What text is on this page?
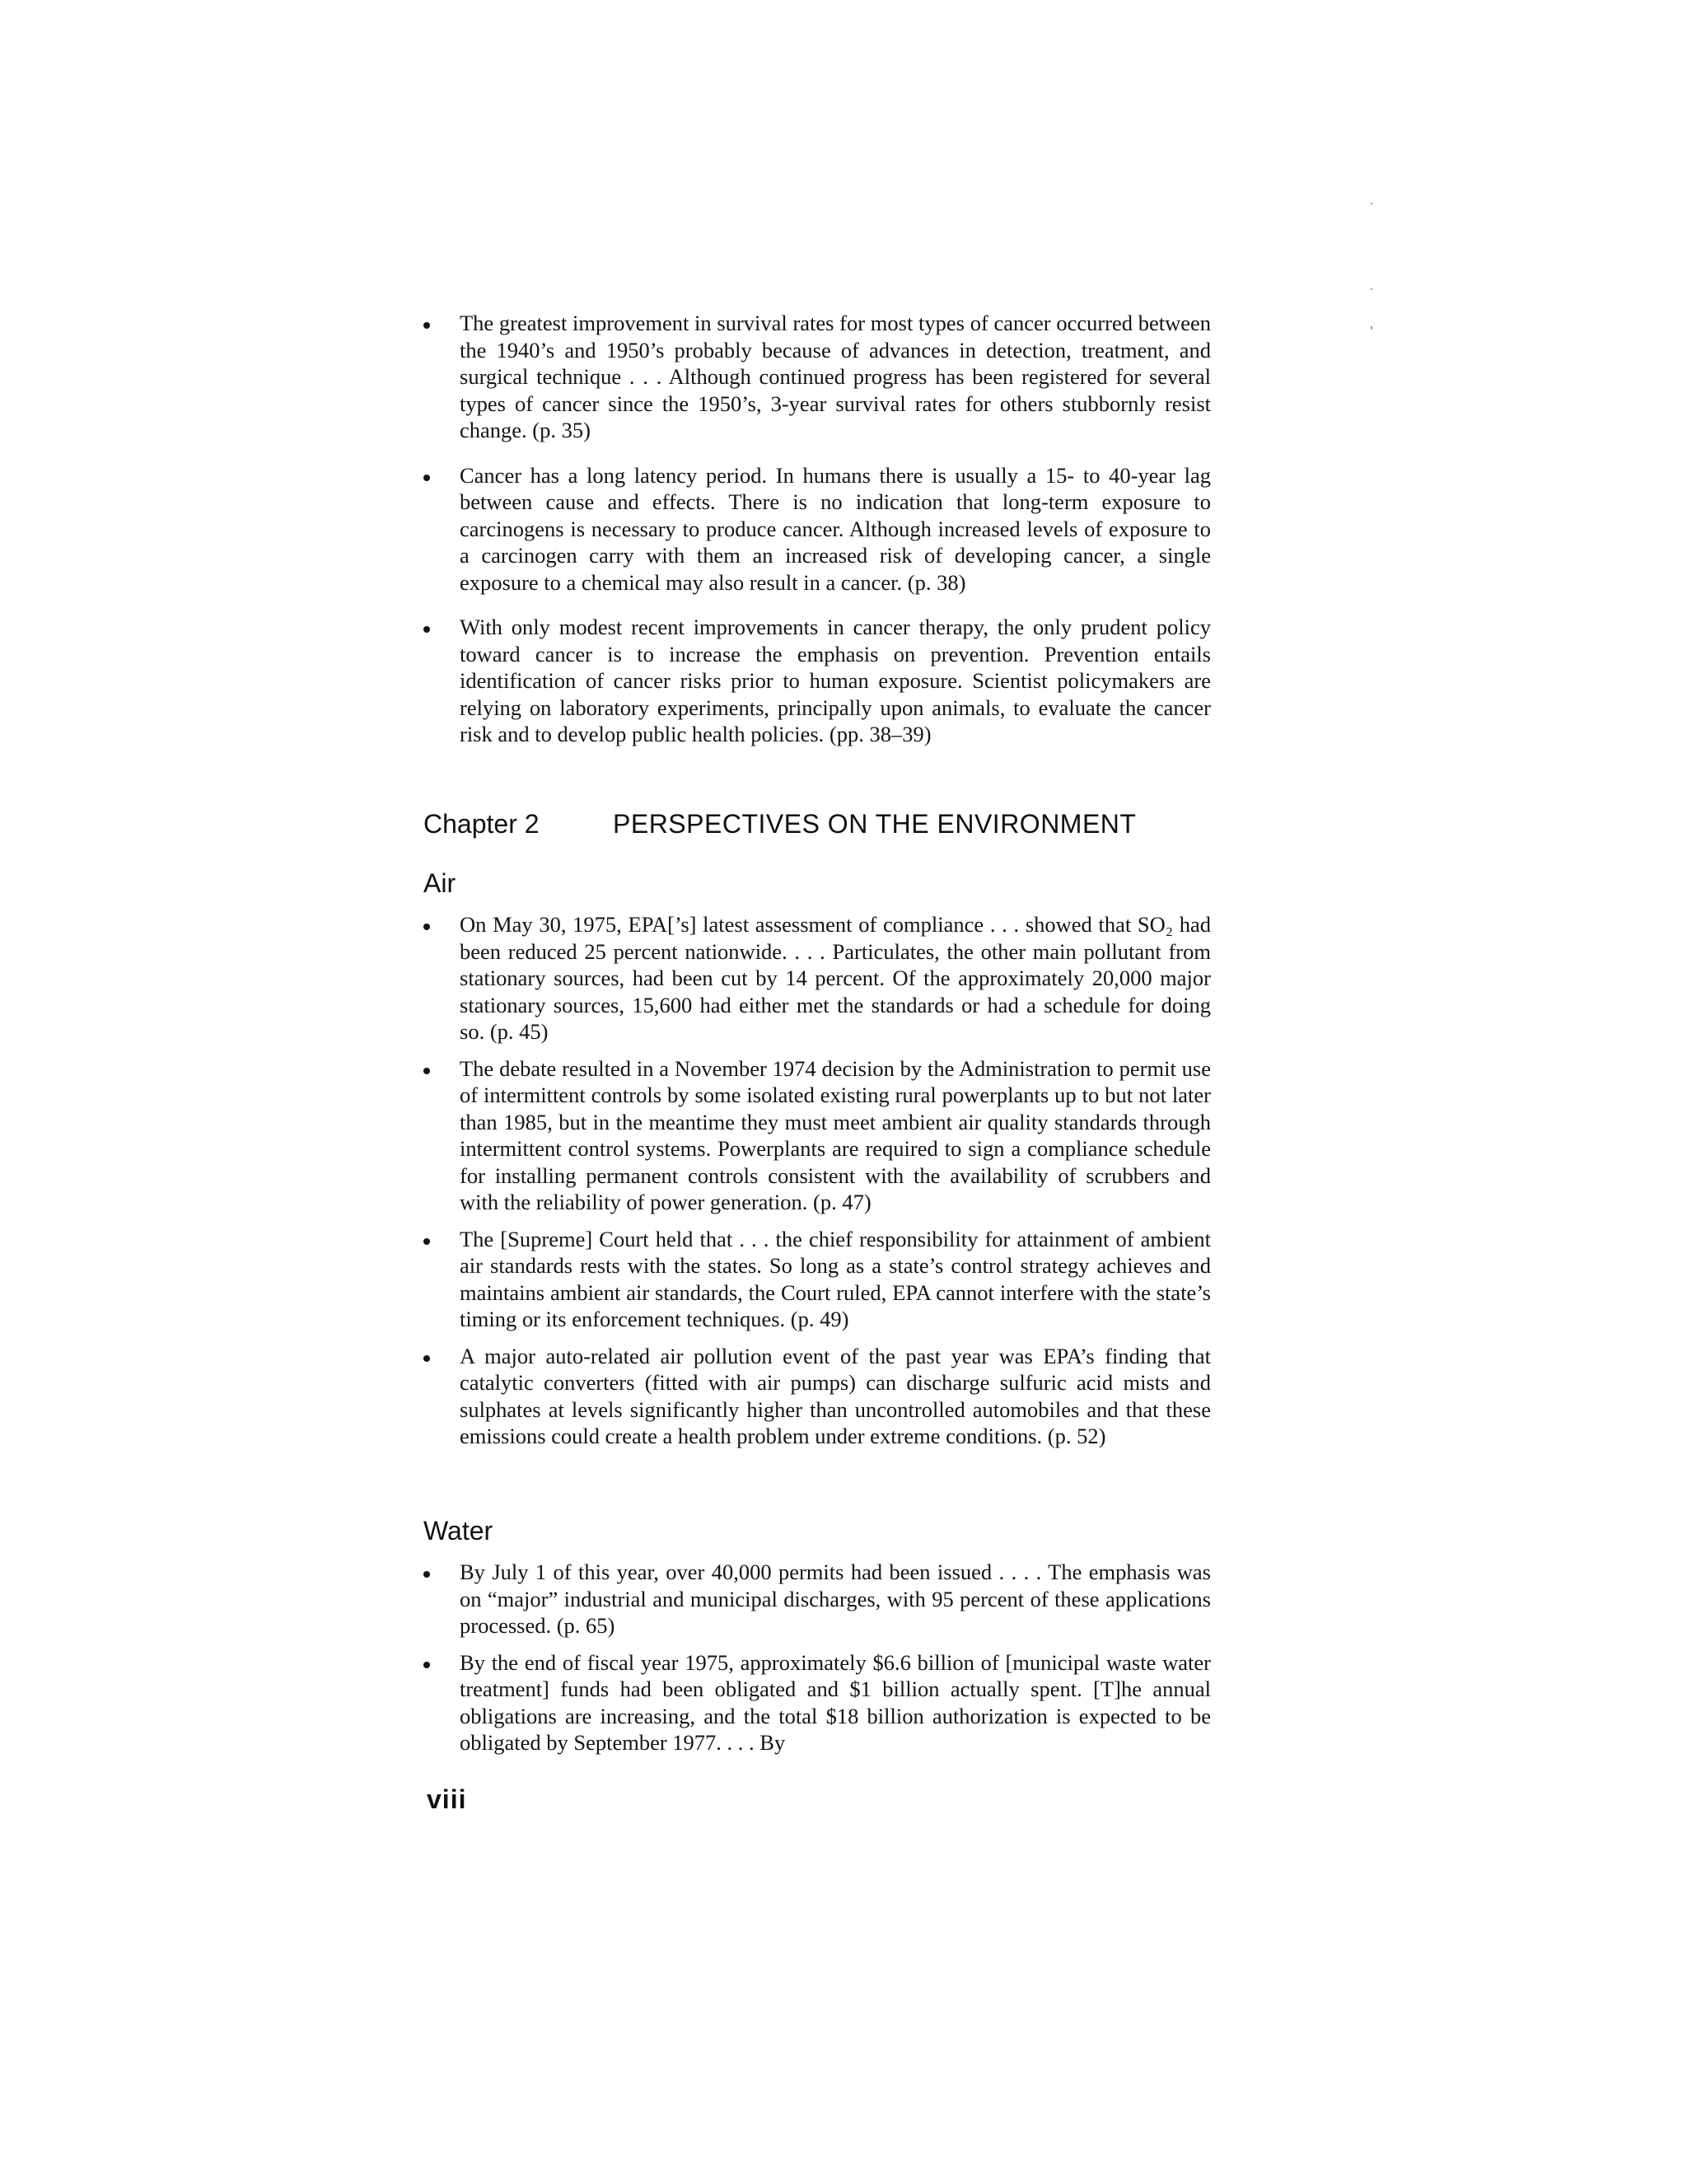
The greatest improvement in survival rates for most types of cancer occurred between the 1940’s and 1950’s probably because of advances in detection, treatment, and surgical technique . . . Although continued progress has been registered for several types of cancer since the 1950’s, 3-year survival rates for others stubbornly resist change. (p. 35)
Cancer has a long latency period. In humans there is usually a 15- to 40-year lag between cause and effects. There is no indication that long-term exposure to carcinogens is necessary to produce cancer. Although increased levels of exposure to a carcinogen carry with them an increased risk of developing cancer, a single exposure to a chemical may also result in a cancer. (p. 38)
With only modest recent improvements in cancer therapy, the only prudent policy toward cancer is to increase the emphasis on prevention. Prevention entails identification of cancer risks prior to human exposure. Scientist policymakers are relying on laboratory experiments, principally upon animals, to evaluate the cancer risk and to develop public health policies. (pp. 38–39)
Chapter 2	PERSPECTIVES ON THE ENVIRONMENT
Air
On May 30, 1975, EPA[’s] latest assessment of compliance . . . showed that SO₂ had been reduced 25 percent nationwide. . . . Particulates, the other main pollutant from stationary sources, had been cut by 14 percent. Of the approximately 20,000 major stationary sources, 15,600 had either met the standards or had a schedule for doing so. (p. 45)
The debate resulted in a November 1974 decision by the Administration to permit use of intermittent controls by some isolated existing rural powerplants up to but not later than 1985, but in the meantime they must meet ambient air quality standards through intermittent control systems. Powerplants are required to sign a compliance schedule for installing permanent controls consistent with the availability of scrubbers and with the reliability of power generation. (p. 47)
The [Supreme] Court held that . . . the chief responsibility for attainment of ambient air standards rests with the states. So long as a state’s control strategy achieves and maintains ambient air standards, the Court ruled, EPA cannot interfere with the state’s timing or its enforcement techniques. (p. 49)
A major auto-related air pollution event of the past year was EPA’s finding that catalytic converters (fitted with air pumps) can discharge sulfuric acid mists and sulphates at levels significantly higher than uncontrolled automobiles and that these emissions could create a health problem under extreme conditions. (p. 52)
Water
By July 1 of this year, over 40,000 permits had been issued . . . . The emphasis was on “major” industrial and municipal discharges, with 95 percent of these applications processed. (p. 65)
By the end of fiscal year 1975, approximately $6.6 billion of [municipal waste water treatment] funds had been obligated and $1 billion actually spent. [T]he annual obligations are increasing, and the total $18 billion authorization is expected to be obligated by September 1977. . . . By
viii
